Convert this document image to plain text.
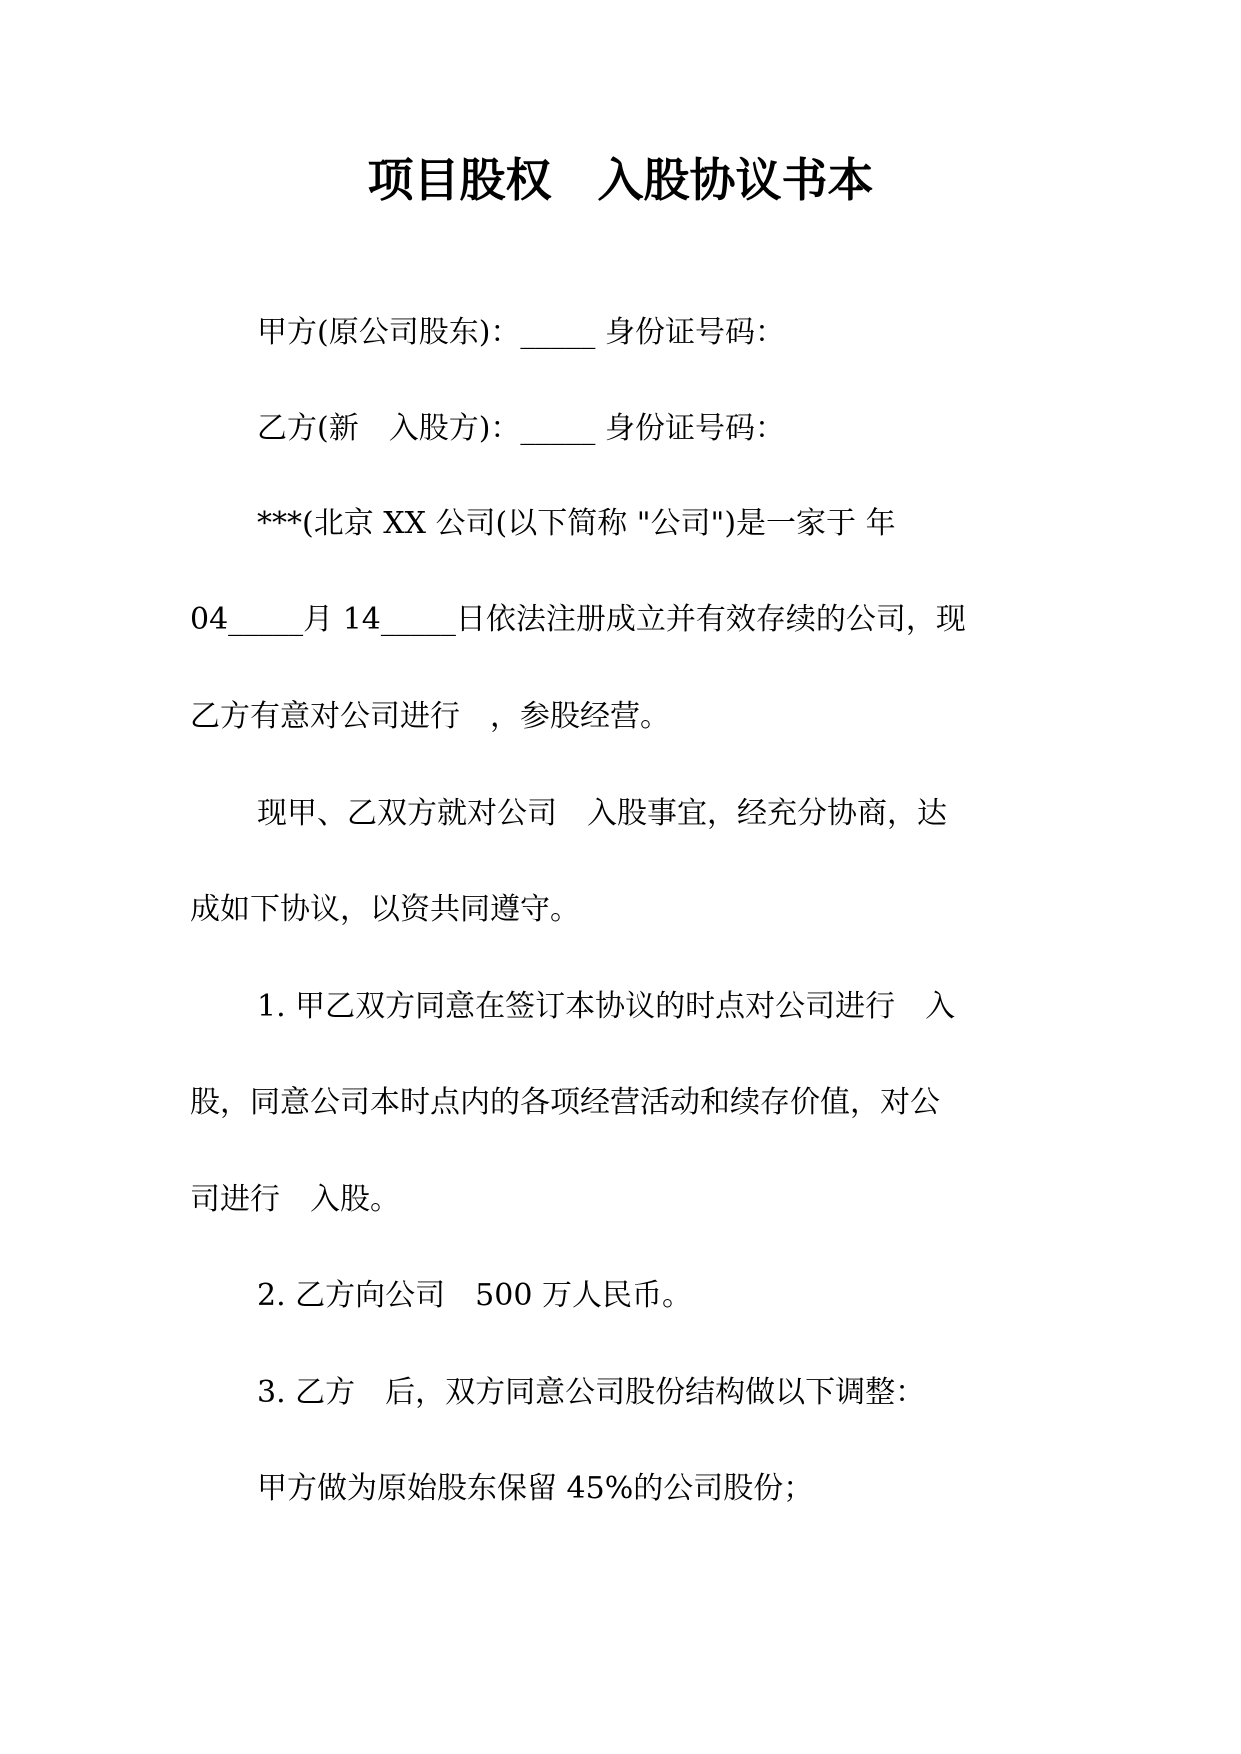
项目股权　入股协议书本
甲方(原公司股东)：_____ 身份证号码：
乙方(新　入股方)：_____ 身份证号码：
***(北京 XX 公司(以下简称 "公司")是一家于 年
04_____月 14_____日依法注册成立并有效存续的公司，现
乙方有意对公司进行　，参股经营。
现甲、乙双方就对公司　入股事宜，经充分协商，达
成如下协议，以资共同遵守。
1. 甲乙双方同意在签订本协议的时点对公司进行　入
股，同意公司本时点内的各项经营活动和续存价值，对公
司进行　入股。
2. 乙方向公司　500 万人民币。
3. 乙方　后，双方同意公司股份结构做以下调整：
甲方做为原始股东保留 45%的公司股份；
